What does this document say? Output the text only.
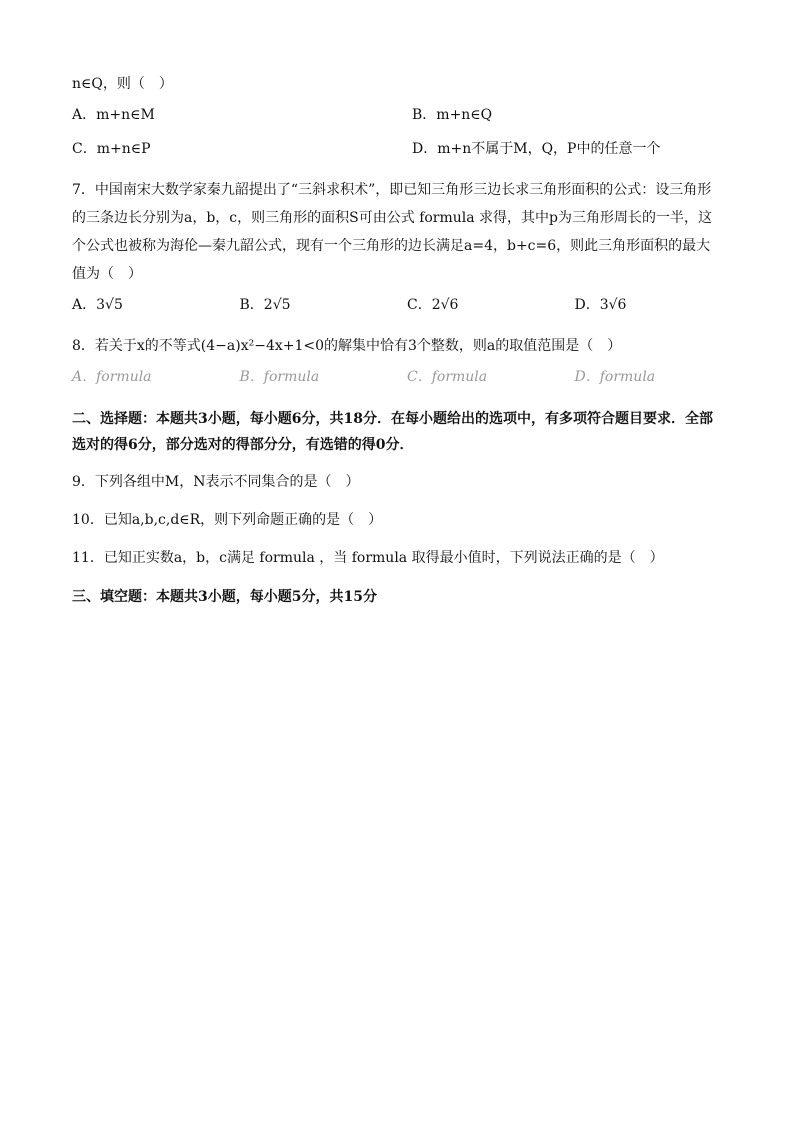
n∈Q，则（　）
A．m+n∈M	B．m+n∈Q
C．m+n∈P	D．m+n不属于M，Q，P中的任意一个
7．中国南宋大数学家秦九韶提出了“三斜求积术”，即已知三角形三边长求三角形面积的公式：设三角形的三条边长分别为a，b，c，则三角形的面积S可由公式 formula 求得，其中p为三角形周长的一半，这个公式也被称为海伦—秦九韶公式，现有一个三角形的边长满足a=4，b+c=6，则此三角形面积的最大值为（　）
A．3√5	B．2√5	C．2√6	D．3√6
8．若关于x的不等式(4−a)x²−4x+1<0的解集中恰有3个整数，则a的取值范围是（　）
A．formula	B．formula	C．formula	D．formula
二、选择题：本题共3小题，每小题6分，共18分．在每小题给出的选项中，有多项符合题目要求．全部选对的得6分，部分选对的得部分分，有选错的得0分．
9．下列各组中M，N表示不同集合的是（　）
10．已知a,b,c,d∈R，则下列命题正确的是（　）
11．已知正实数a，b，c满足 formula ，当 formula 取得最小值时，下列说法正确的是（　）
三、填空题：本题共3小题，每小题5分，共15分
